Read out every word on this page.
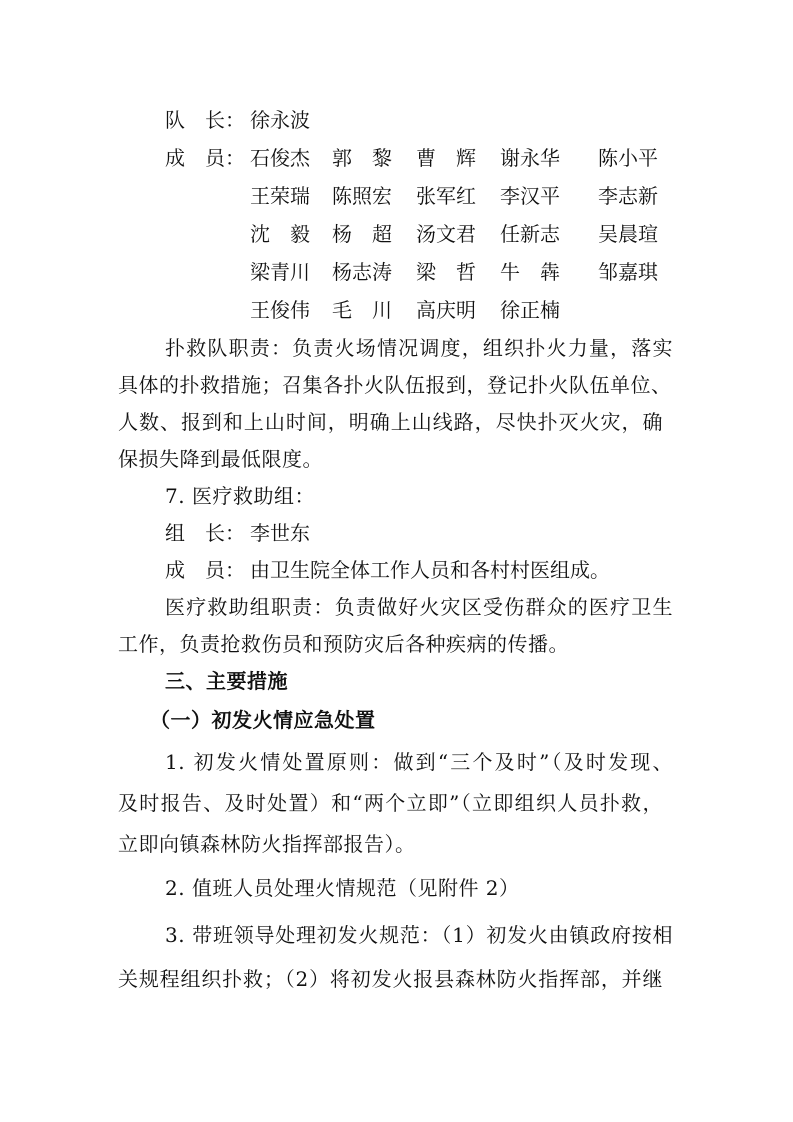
队　长： 徐永波
成　员： 石俊杰 郭　黎 曹　辉 谢永华 陈小平
王荣瑞 陈照宏 张军红 李汉平 李志新
沈　毅 杨　超 汤文君 任新志 吴晨瑄
梁青川 杨志涛 梁　哲 牛　犇 邹嘉琪
王俊伟 毛　川 高庆明 徐正楠
扑救队职责：负责火场情况调度，组织扑火力量，落实
具体的扑救措施；召集各扑火队伍报到，登记扑火队伍单位、
人数、报到和上山时间，明确上山线路，尽快扑灭火灾，确
保损失降到最低限度。
7. 医疗救助组：
组　长： 李世东
成　员： 由卫生院全体工作人员和各村村医组成。
医疗救助组职责：负责做好火灾区受伤群众的医疗卫生
工作，负责抢救伤员和预防灾后各种疾病的传播。
三、主要措施
（一）初发火情应急处置
1. 初发火情处置原则：做到“三个及时”（及时发现、
及时报告、及时处置）和“两个立即”（立即组织人员扑救，
立即向镇森林防火指挥部报告）。
2. 值班人员处理火情规范（见附件 2）
3. 带班领导处理初发火规范：（1）初发火由镇政府按相
关规程组织扑救；（2）将初发火报县森林防火指挥部，并继
